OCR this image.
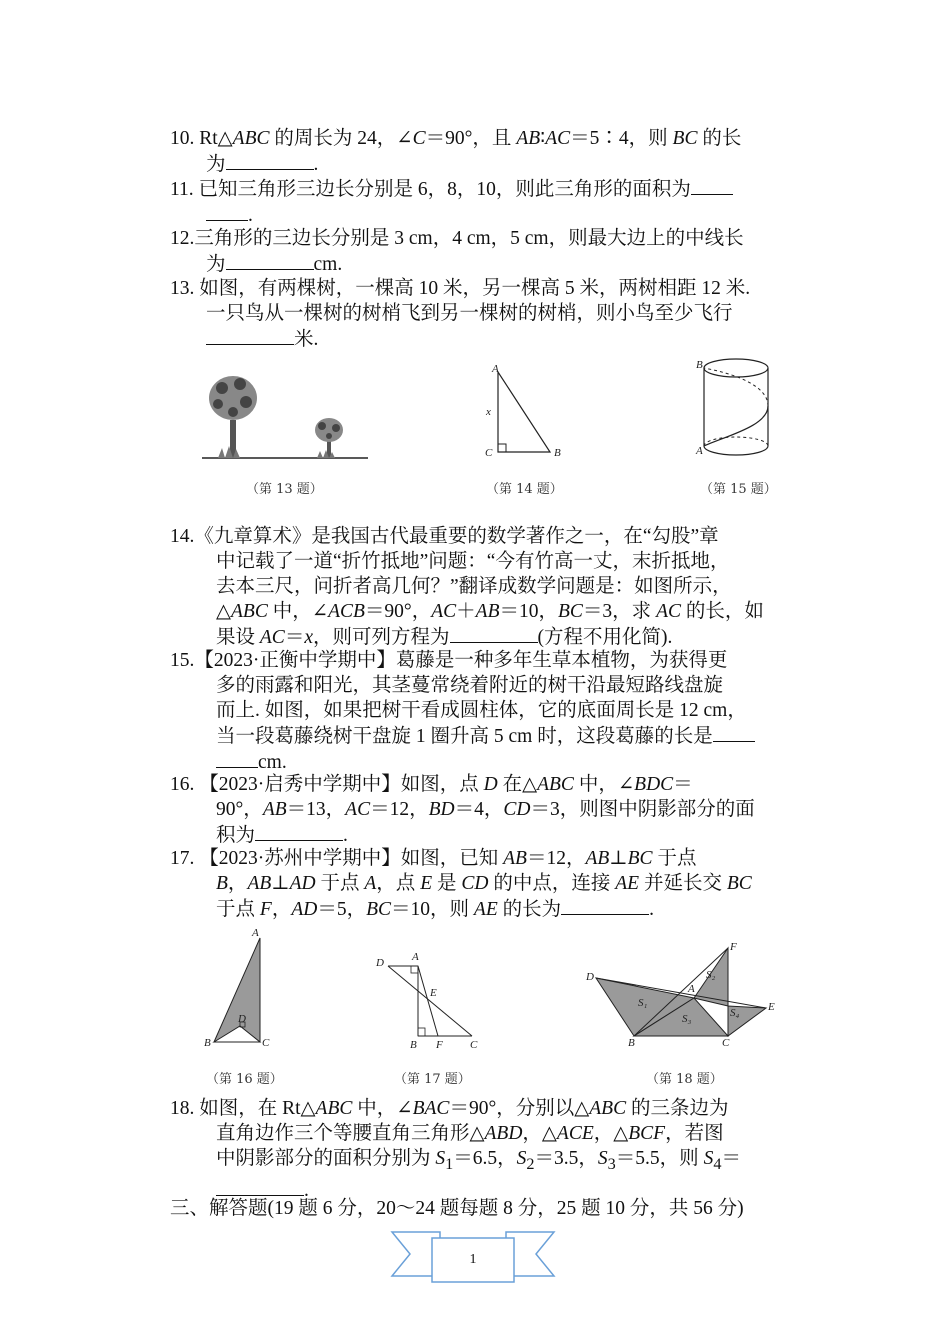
10. Rt△ABC 的周长为 24，∠C＝90°，且 AB∶AC＝5∶4，则 BC 的长

为	.

11. 已知三角形三边长分别是 6，8，10，则此三角形的面积为

.

12.三角形的三边长分别是 3 cm，4 cm，5 cm，则最大边上的中线长

为	cm.

13. 如图，有两棵树，一棵高 10 米，另一棵高 5 米，两树相距 12 米.

一只鸟从一棵树的树梢飞到另一棵树的树梢，则小鸟至少飞行

米.

（第 13 题）
A
x
C	B
（第 14 题）
B
A
（第 15 题）

14.《九章算术》是我国古代最重要的数学著作之一，在“勾股”章

中记载了一道“折竹抵地”问题：“今有竹高一丈，末折抵地，

去本三尺，问折者高几何？”翻译成数学问题是：如图所示，

△ABC 中，∠ACB＝90°，AC＋AB＝10，BC＝3，求 AC 的长，如

果设 AC＝x，则可列方程为	(方程不用化简).

15.【2023·正衡中学期中】葛藤是一种多年生草本植物，为获得更

多的雨露和阳光，其茎蔓常绕着附近的树干沿最短路线盘旋

而上. 如图，如果把树干看成圆柱体，它的底面周长是 12 cm，

当一段葛藤绕树干盘旋 1 圈升高 5 cm 时，这段葛藤的长是

cm.

16. 【2023·启秀中学期中】如图，点 D 在△ABC 中，∠BDC＝

90°，AB＝13，AC＝12，BD＝4，CD＝3，则图中阴影部分的面

积为	.

17. 【2023·苏州中学期中】如图，已知 AB＝12，AB⊥BC 于点

B，AB⊥AD 于点 A，点 E 是 CD 的中点，连接 AE 并延长交 BC

于点 F，AD＝5，BC＝10，则 AE 的长为	.

A
D
B	C
（第 16 题）
D	A
E
B F C
（第 17 题）
D
F
A
E
B	C
S₁
S₂
S₃	S₄
（第 18 题）

18. 如图，在 Rt△ABC 中，∠BAC＝90°，分别以△ABC 的三条边为

直角边作三个等腰直角三角形△ABD，△ACE，△BCF，若图

中阴影部分的面积分别为 $S_1=6.5$，$S_2=3.5$，$S_3=5.5$，则 $S_4=$

.

三、解答题(19 题 6 分，20～24 题每题 8 分，25 题 10 分，共 56 分)

1
